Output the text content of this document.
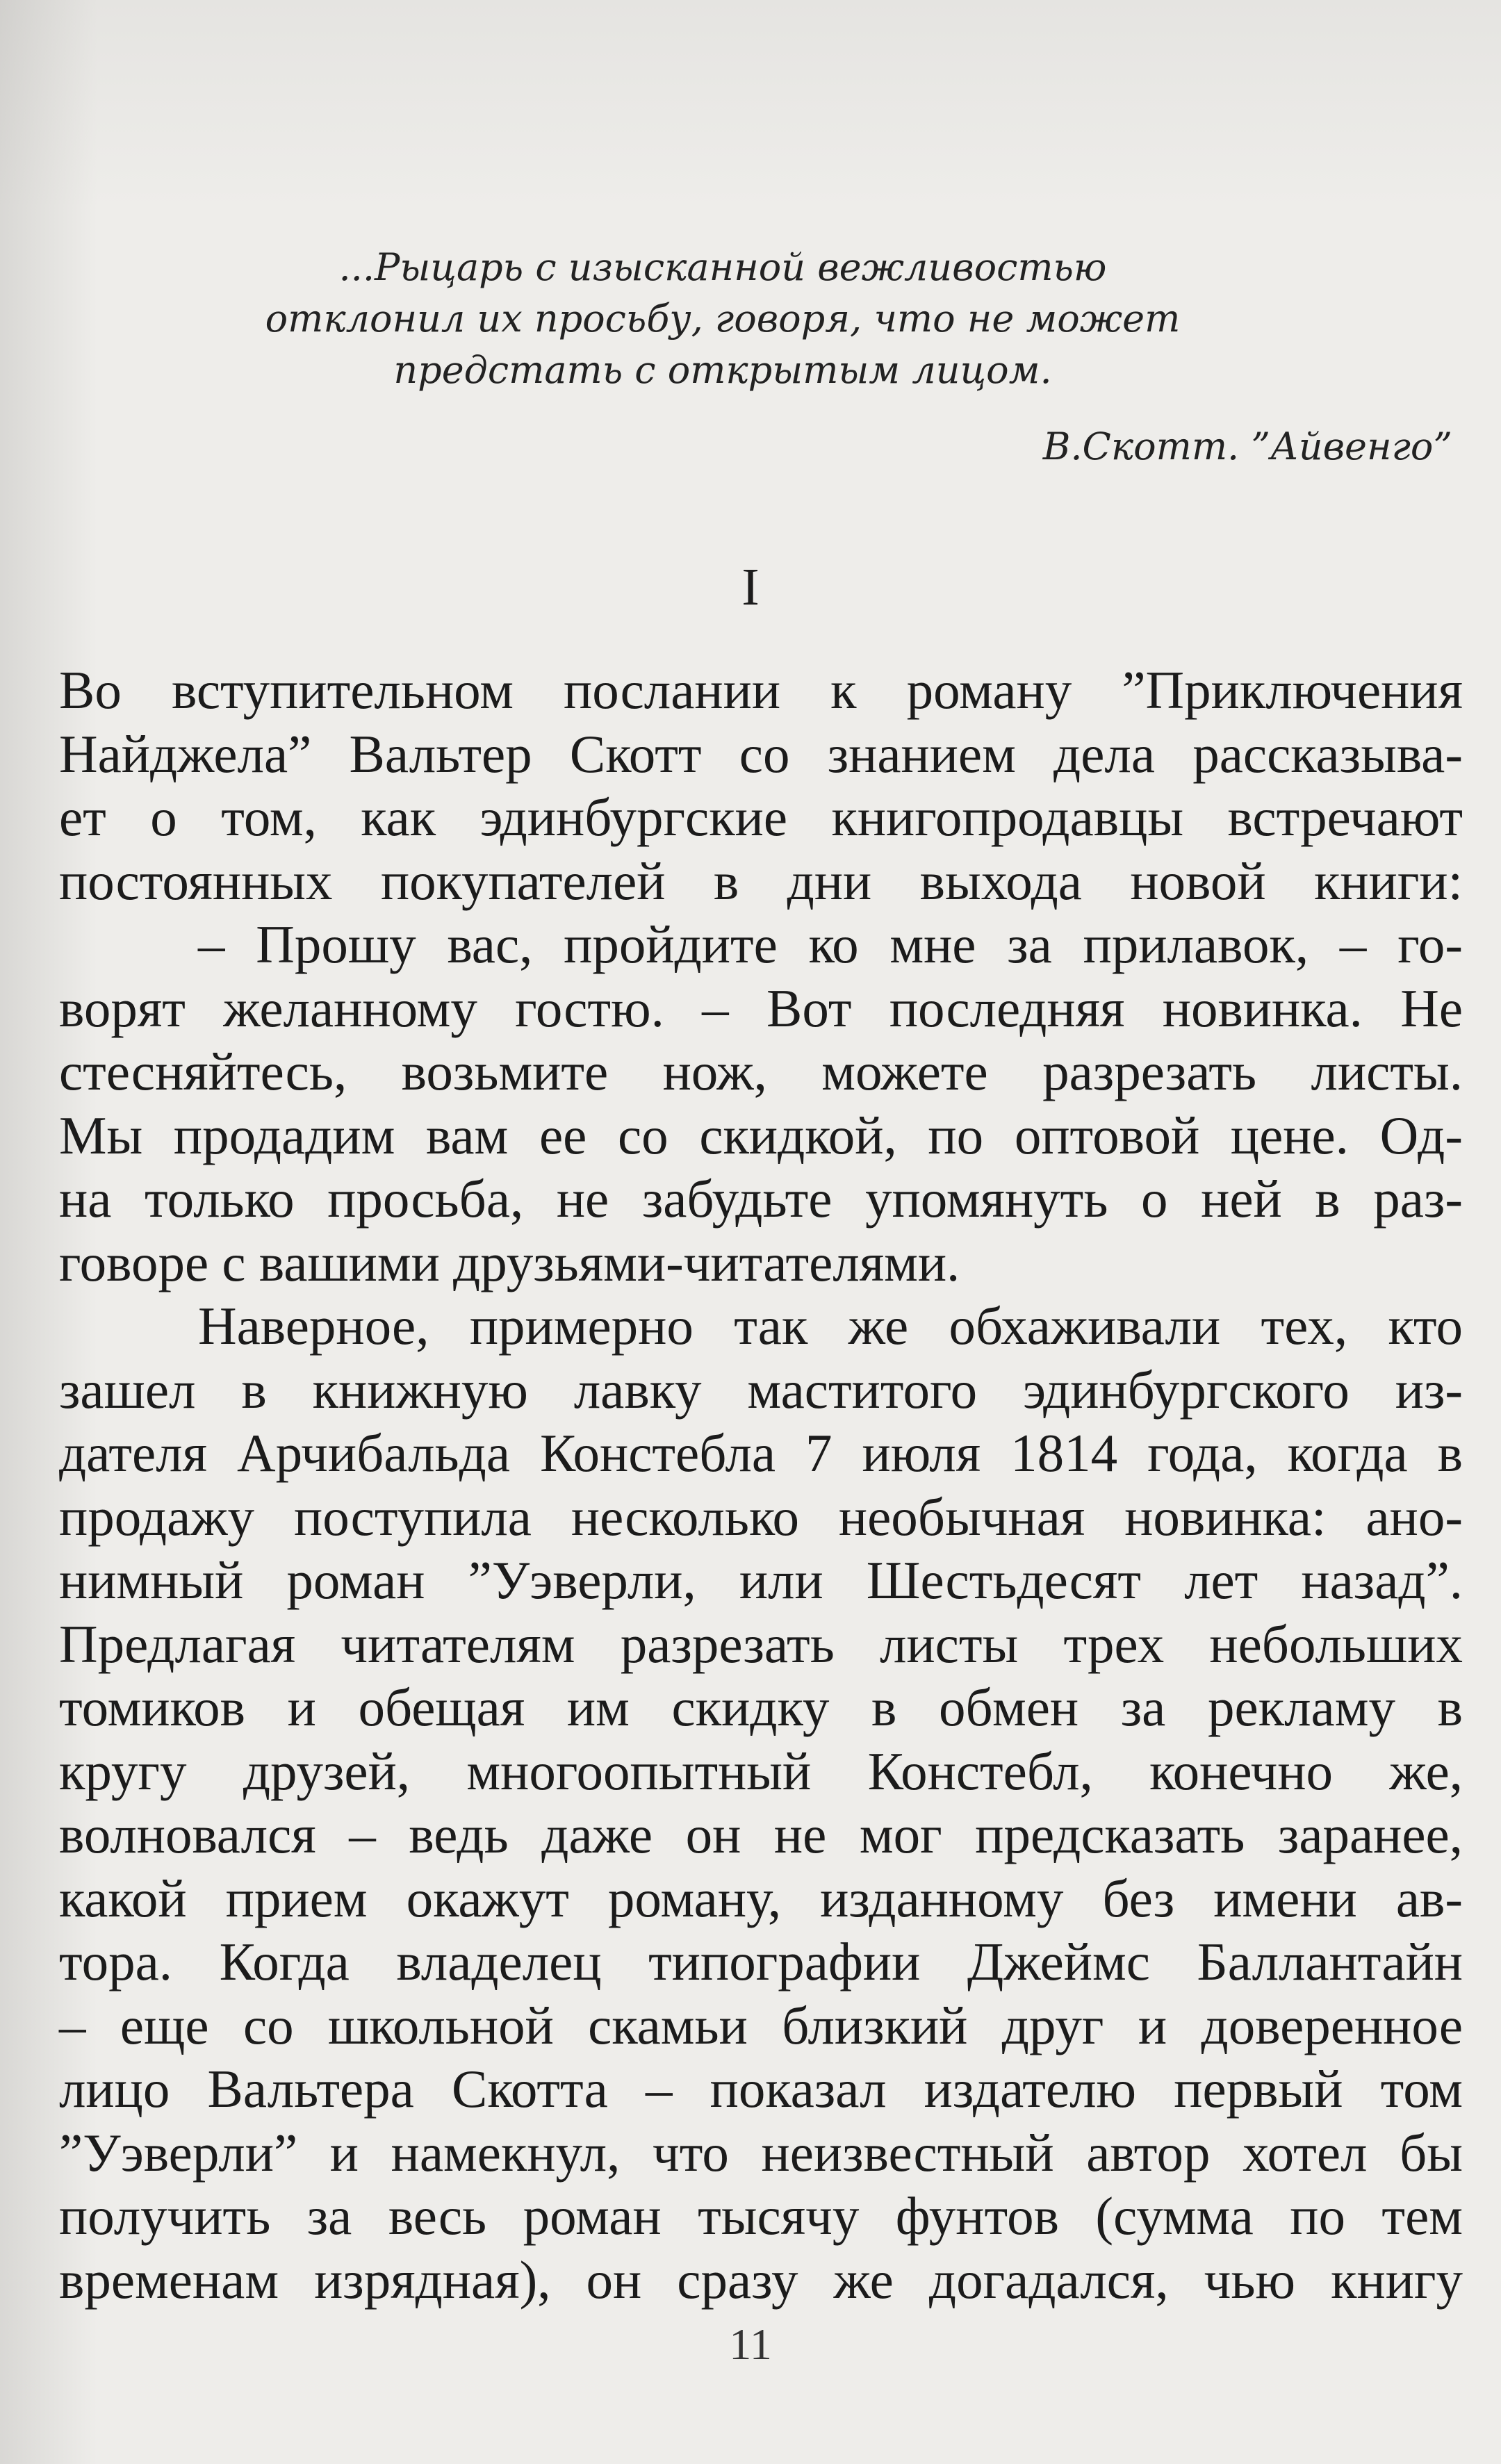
...Рыцарь с изысканной вежливостью
отклонил их просьбу, говоря, что не может
предстать с открытым лицом.
В.Скотт. ”Айвенго”
I
Во вступительном послании к роману ”Приключения
Найджела” Вальтер Скотт со знанием дела рассказыва-
ет о том, как эдинбургские книгопродавцы встречают
постоянных покупателей в дни выхода новой книги:
– Прошу вас, пройдите ко мне за прилавок, – го-
ворят желанному гостю. – Вот последняя новинка. Не
стесняйтесь, возьмите нож, можете разрезать листы.
Мы продадим вам ее со скидкой, по оптовой цене. Од-
на только просьба, не забудьте упомянуть о ней в раз-
говоре с вашими друзьями-читателями.
Наверное, примерно так же обхаживали тех, кто
зашел в книжную лавку маститого эдинбургского из-
дателя Арчибальда Констебла 7 июля 1814 года, когда в
продажу поступила несколько необычная новинка: ано-
нимный роман ”Уэверли, или Шестьдесят лет назад”.
Предлагая читателям разрезать листы трех небольших
томиков и обещая им скидку в обмен за рекламу в
кругу друзей, многоопытный Констебл, конечно же,
волновался – ведь даже он не мог предсказать заранее,
какой прием окажут роману, изданному без имени ав-
тора. Когда владелец типографии Джеймс Баллантайн
– еще со школьной скамьи близкий друг и доверенное
лицо Вальтера Скотта – показал издателю первый том
”Уэверли” и намекнул, что неизвестный автор хотел бы
получить за весь роман тысячу фунтов (сумма по тем
временам изрядная), он сразу же догадался, чью книгу
11
